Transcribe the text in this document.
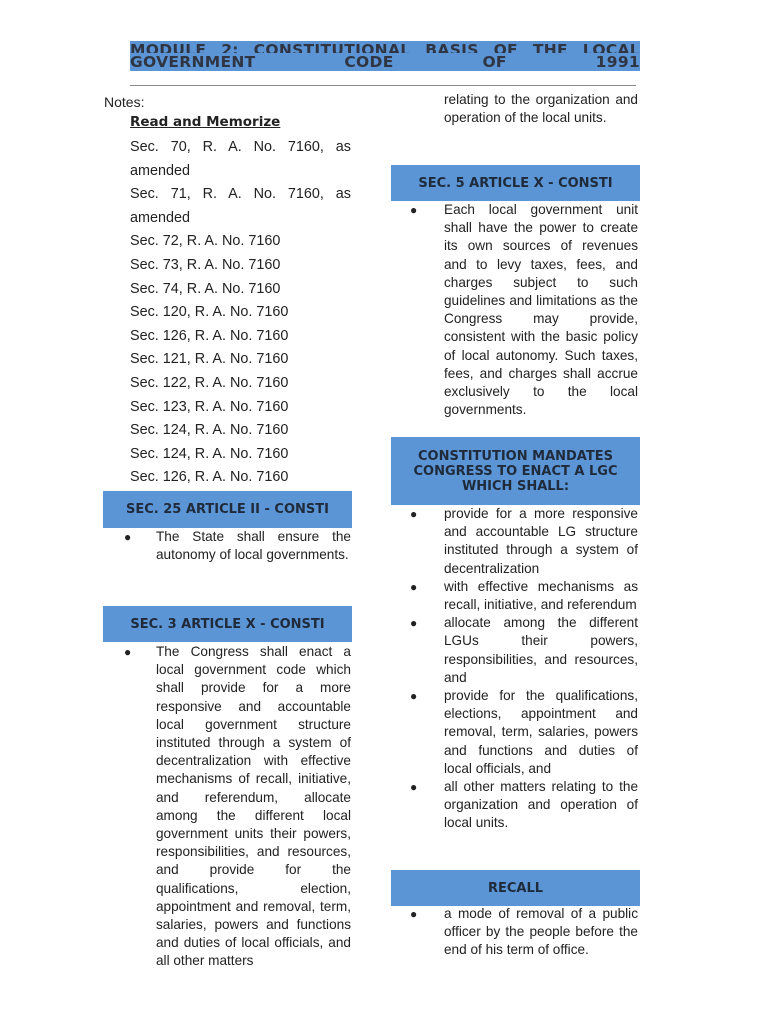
MODULE 2: CONSTITUTIONAL BASIS OF THE LOCAL GOVERNMENT CODE OF 1991
Notes:
Read and Memorize
Sec. 70, R. A. No. 7160, as amended
Sec. 71, R. A. No. 7160, as amended
Sec. 72, R. A. No. 7160
Sec. 73, R. A. No. 7160
Sec. 74, R. A. No. 7160
Sec. 120, R. A. No. 7160
Sec. 126, R. A. No. 7160
Sec. 121, R. A. No. 7160
Sec. 122, R. A. No. 7160
Sec. 123, R. A. No. 7160
Sec. 124, R. A. No. 7160
Sec. 124, R. A. No. 7160
Sec. 126, R. A. No. 7160
SEC. 25 ARTICLE II - CONSTI
● The State shall ensure the autonomy of local governments.
SEC. 3 ARTICLE X - CONSTI
● The Congress shall enact a local government code which shall provide for a more responsive and accountable local government structure instituted through a system of decentralization with effective mechanisms of recall, initiative, and referendum, allocate among the different local government units their powers, responsibilities, and resources, and provide for the qualifications, election, appointment and removal, term, salaries, powers and functions and duties of local officials, and all other matters

relating to the organization and operation of the local units.

SEC. 5 ARTICLE X - CONSTI
● Each local government unit shall have the power to create its own sources of revenues and to levy taxes, fees, and charges subject to such guidelines and limitations as the Congress may provide, consistent with the basic policy of local autonomy. Such taxes, fees, and charges shall accrue exclusively to the local governments.
CONSTITUTION MANDATES CONGRESS TO ENACT A LGC WHICH SHALL:
● provide for a more responsive and accountable LG structure instituted through a system of decentralization
● with effective mechanisms as recall, initiative, and referendum
● allocate among the different LGUs their powers, responsibilities, and resources, and
● provide for the qualifications, elections, appointment and removal, term, salaries, powers and functions and duties of local officials, and
● all other matters relating to the organization and operation of local units.
RECALL
● a mode of removal of a public officer by the people before the end of his term of office.
